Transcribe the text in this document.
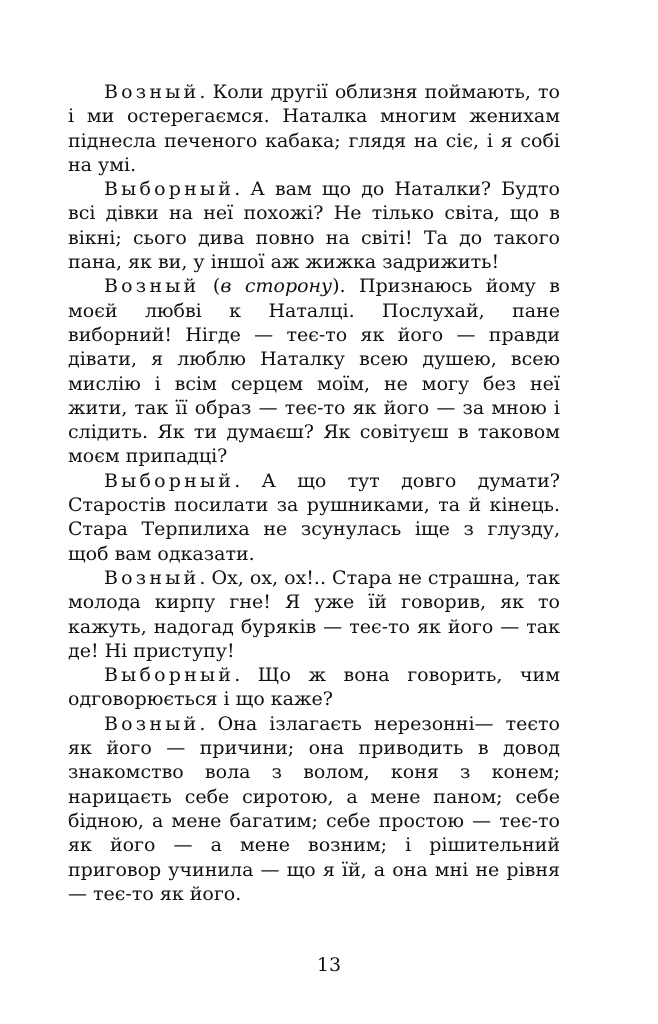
Возный. Коли другії облизня поймають, то і ми остерегаємся. Наталка многим женихам піднесла печеного кабака; глядя на сіє, і я собі на умі.

Выборный. А вам що до Наталки? Будто всі дівки на неї похожі? Не тілько світа, що в вікні; сього дива повно на світі! Та до такого пана, як ви, у іншої аж жижка задрижить!

Возный (в сторону). Признаюсь йому в моєй любві к Наталці. Послухай, пане виборний! Нігде — теє-то як його — правди дівати, я люблю Наталку всею душею, всею мислію і всім серцем моїм, не могу без неї жити, так її образ — теє-то як його — за мною і слідить. Як ти думаєш? Як совітуєш в таковом моєм припадці?

Выборный. А що тут довго думати? Старостів посилати за рушниками, та й кінець. Стара Терпилиха не зсунулась іще з глузду, щоб вам одказати.

Возный. Ох, ох, ох!.. Стара не страшна, так молода кирпу гне! Я уже їй говорив, як то кажуть, надогад буряків — теє-то як його — так де! Ні приступу!

Выборный. Що ж вона говорить, чим одговорюється і що каже?

Возный. Она ізлагаєть нерезонні— теєто як його — причини; она приводить в довод знакомство вола з волом, коня з конем; нарицаєть себе сиротою, а мене паном; себе бідною, а мене багатим; себе простою — теє-то як його — а мене возним; і рішительний приговор учинила — що я їй, а она мні не рівня — теє-то як його.

13
